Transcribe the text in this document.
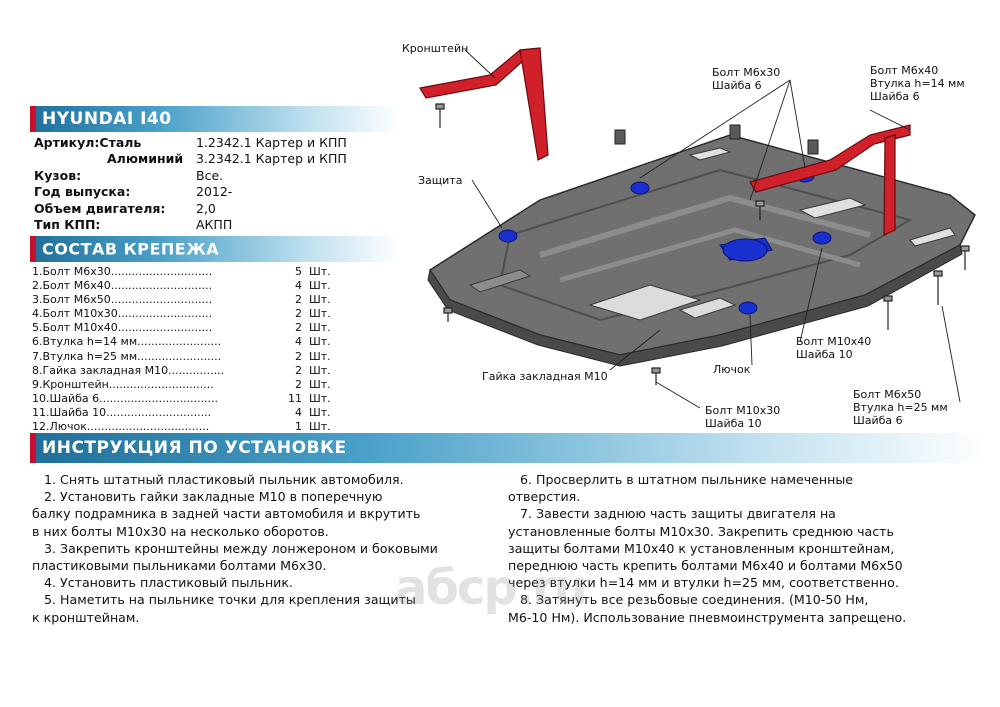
HYUNDAI I40
Артикул:Сталь	1.2342.1 Картер и КПП
Алюминий 3.2342.1 Картер и КПП
Кузов:	Все.
Год выпуска:	2012-
Объем двигателя: 2,0
Тип КПП:	АКПП
СОСТАВ КРЕПЕЖА
1.Болт М6х30.............................	5 Шт.
2.Болт М6х40.............................	4 Шт.
3.Болт М6х50.............................	2 Шт.
4.Болт М10х30...........................	2 Шт.
5.Болт М10х40...........................	2 Шт.
6.Втулка h=14 мм........................	4 Шт.
7.Втулка h=25 мм........................	2 Шт.
8.Гайка закладная М10................	2 Шт.
9.Кронштейн..............................	2 Шт.
10.Шайба 6..................................	11 Шт.
11.Шайба 10..............................	4 Шт.
12.Лючок...................................	1 Шт.
Кронштейн
Защита
Гайка закладная М10
Лючок
Болт М6х30
Шайба 6
Болт М6х40
Втулка h=14 мм
Шайба 6
Болт М10х40
Шайба 10
Болт М10х30
Шайба 10
Болт М6х50
Втулка h=25 мм
Шайба 6
ИНСТРУКЦИЯ ПО УСТАНОВКЕ
1. Снять штатный пластиковый пыльник автомобиля.
2. Установить гайки закладные М10 в поперечную
балку подрамника в задней части автомобиля и вкрутить
в них болты М10х30 на несколько оборотов.
3. Закрепить кронштейны между лонжероном и боковыми
пластиковыми пыльниками болтами М6х30.
4. Установить пластиковый пыльник.
5. Наметить на пыльнике точки для крепления защиты
к кронштейнам.
6. Просверлить в штатном пыльнике намеченные
отверстия.
7. Завести заднюю часть защиты двигателя на
установленные болты М10х30. Закрепить среднюю часть
защиты болтами М10х40 к установленным кронштейнам,
переднюю часть крепить болтами М6х40 и болтами М6х50
через втулки h=14 мм и втулки h=25 мм, соответственно.
8. Затянуть все резьбовые соединения. (М10-50 Нм,
М6-10 Нм). Использование пневмоинструмента запрещено.
aбcp.ru
